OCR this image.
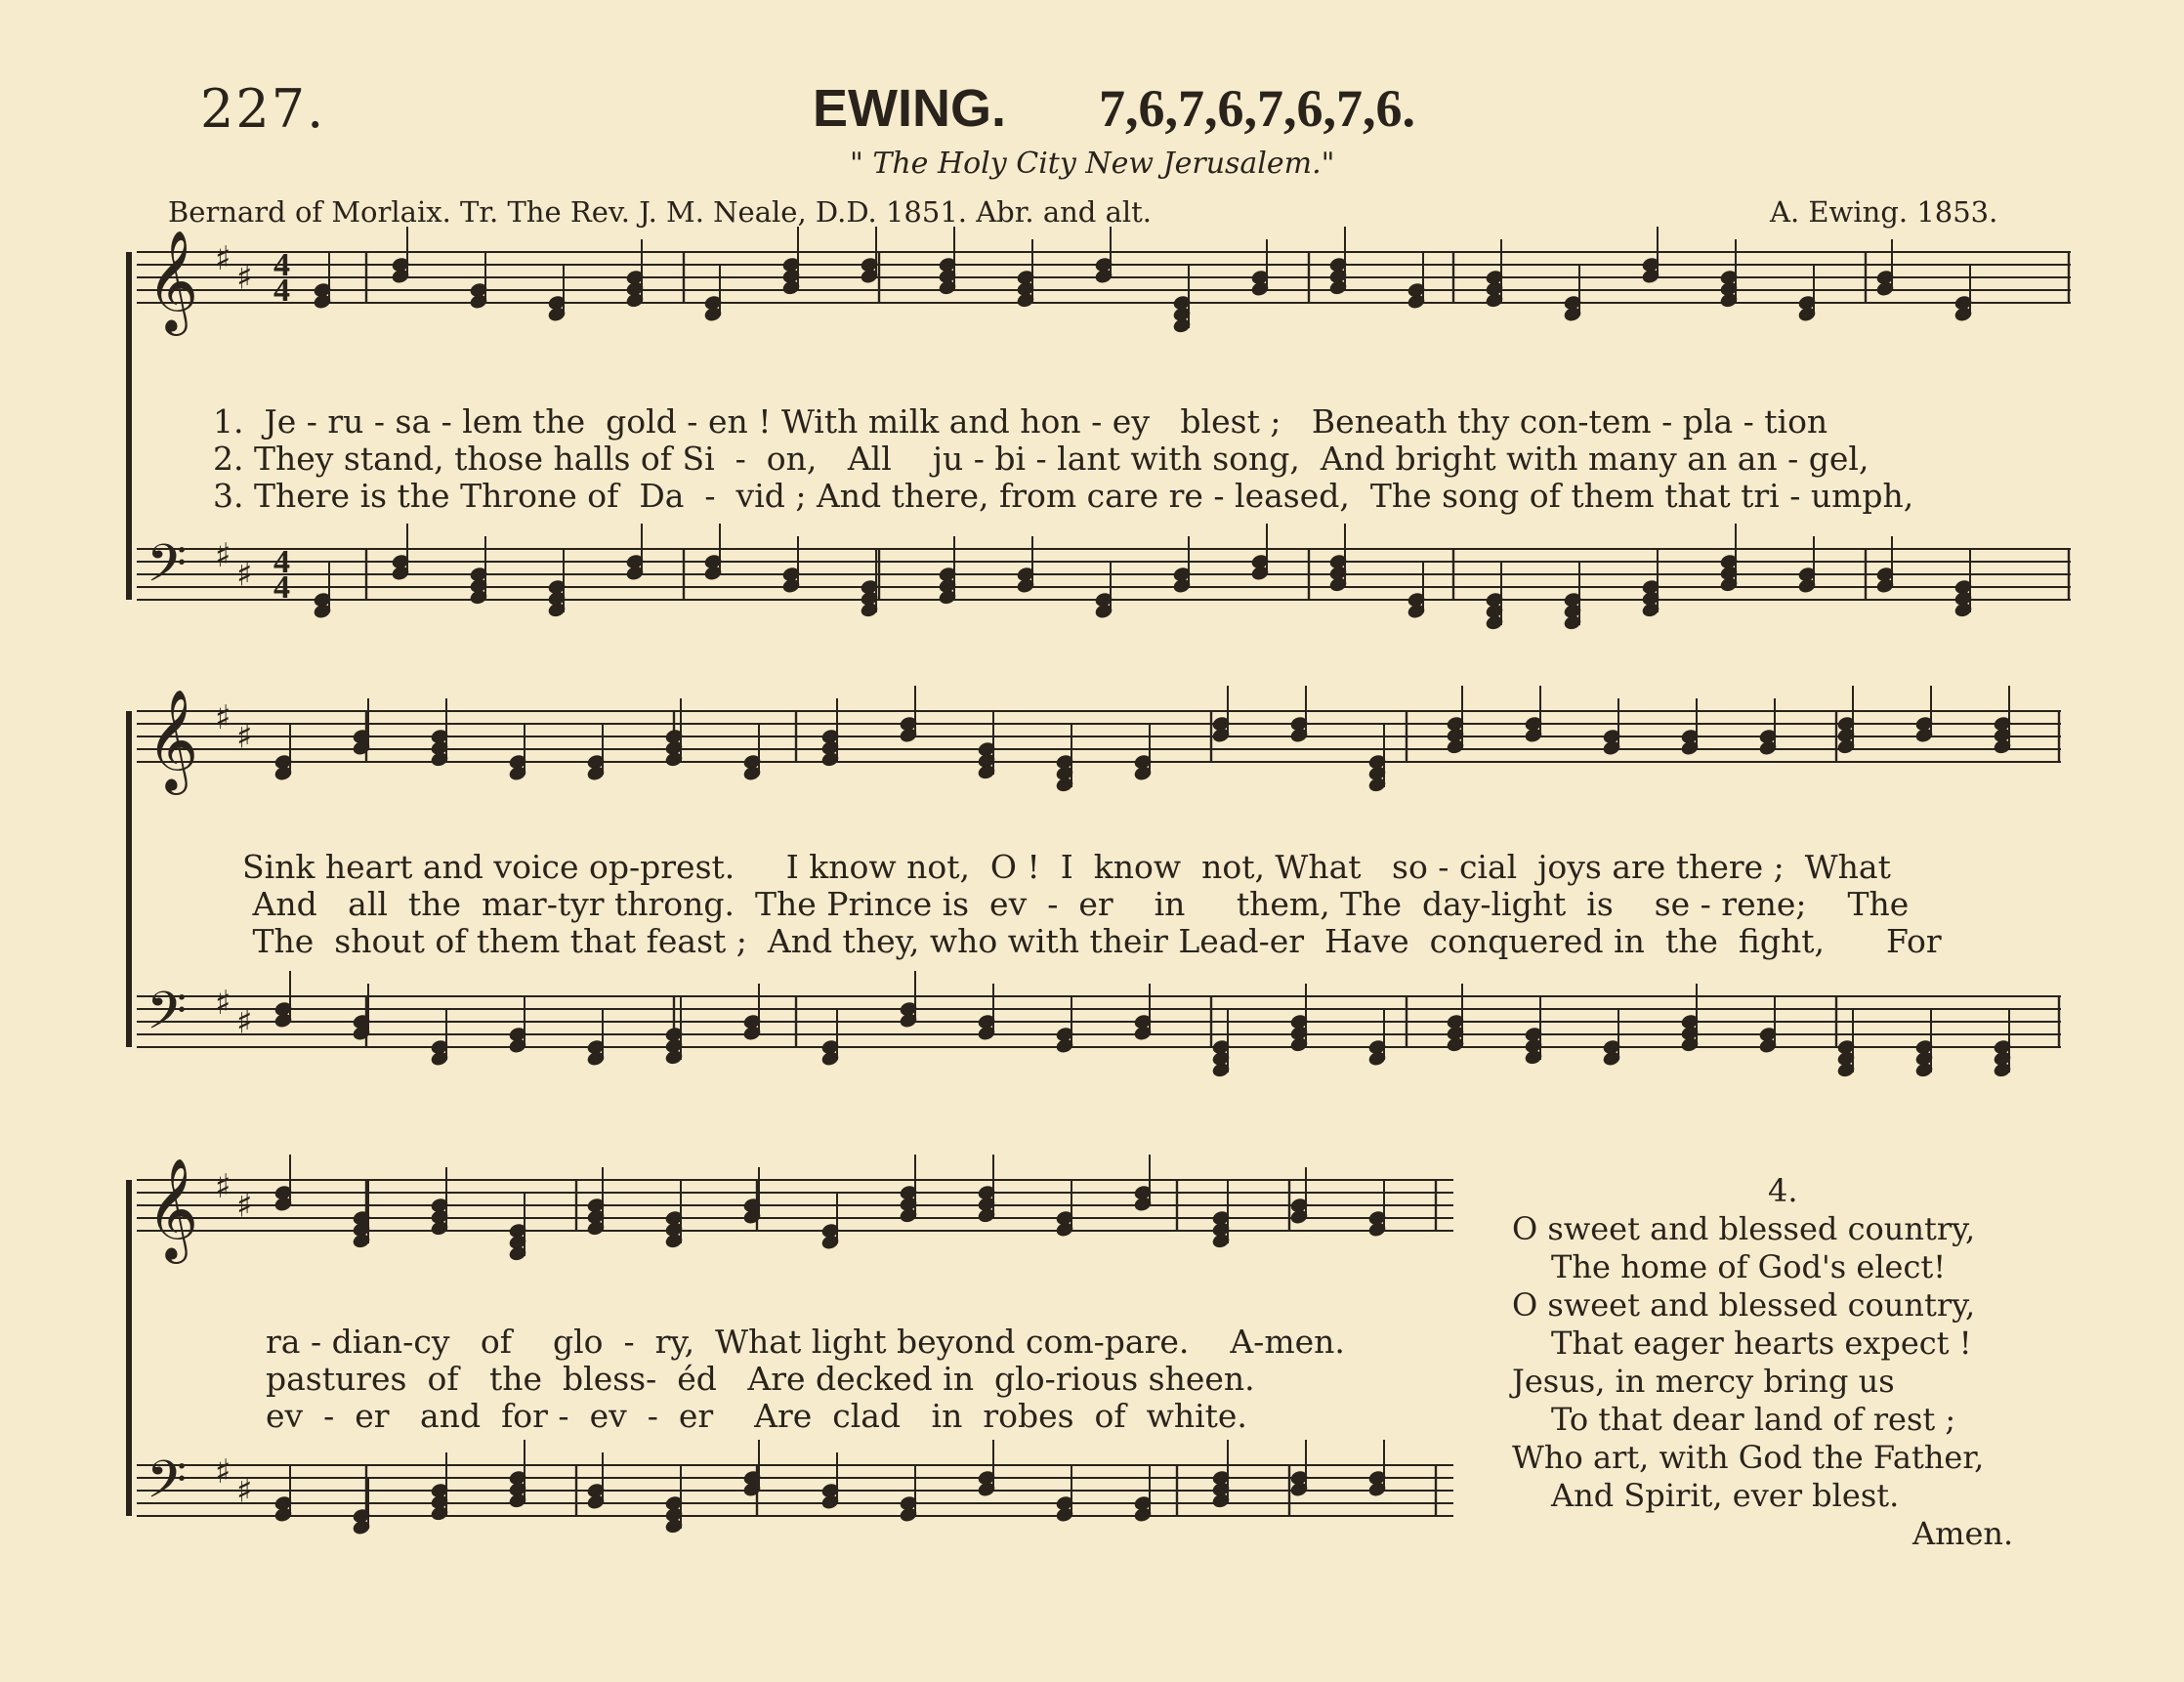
227.	EWING. 7,6,7,6,7,6,7,6.
" The Holy City New Jerusalem."
Bernard of Morlaix. Tr. The Rev. J. M. Neale, D.D. 1851. Abr. and alt.	A. Ewing. 1853.
𝄞 ♯ ♯ 4
4
𝄢 ♯ ♯ 4
4
𝄞 ♯ ♯
𝄢 ♯ ♯
𝄞 ♯ ♯
𝄢 ♯ ♯
1.  Je - ru - sa - lem the  gold - en ! With milk and hon - ey   blest ;   Beneath thy con-tem - pla - tion
2. They stand, those halls of Si  -  on,   All    ju - bi - lant with song,  And bright with many an an - gel,
3. There is the Throne of  Da  -  vid ; And there, from care re - leased,  The song of them that tri - umph,
Sink heart and voice op-prest.     I know not,  O !  I  know  not, What   so - cial  joys are there ;  What
And   all  the  mar-tyr throng.  The Prince is  ev  -  er    in     them, The  day-light  is    se - rene;    The
The  shout of them that feast ;  And they, who with their Lead-er  Have  conquered in  the  fight,      For
ra - dian-cy   of    glo  -  ry,  What light beyond com-pare.    A-men.
pastures  of   the  bless-  éd   Are decked in  glo-rious sheen.
ev  -  er   and  for -  ev  -  er    Are  clad   in  robes  of  white.
4.
O sweet and blessed country,
The home of God's elect!
O sweet and blessed country,
That eager hearts expect !
Jesus, in mercy bring us
To that dear land of rest ;
Who art, with God the Father,
And Spirit, ever blest.
Amen.
